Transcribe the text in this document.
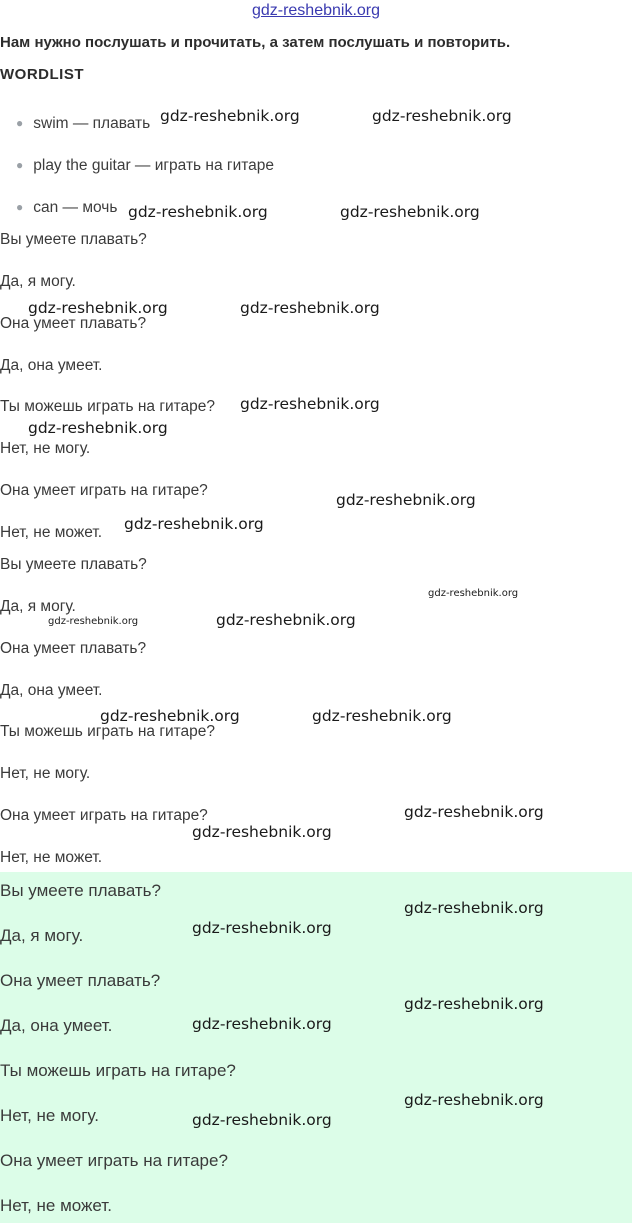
gdz-reshebnik.org
Нам нужно послушать и прочитать, а затем послушать и повторить.
WORDLIST
● swim — плавать
● play the guitar — играть на гитаре
● can — мочь
Вы умеете плавать?
Да, я могу.
Она умеет плавать?
Да, она умеет.
Ты можешь играть на гитаре?
Нет, не могу.
Она умеет играть на гитаре?
Нет, не может.
Вы умеете плавать?
Да, я могу.
Она умеет плавать?
Да, она умеет.
Ты можешь играть на гитаре?
Нет, не могу.
Она умеет играть на гитаре?
Нет, не может.
Вы умеете плавать?
Да, я могу.
Она умеет плавать?
Да, она умеет.
Ты можешь играть на гитаре?
Нет, не могу.
Она умеет играть на гитаре?
Нет, не может.
gdz-reshebnik.org	gdz-reshebnik.org
gdz-reshebnik.org	gdz-reshebnik.org
gdz-reshebnik.org	gdz-reshebnik.org
gdz-reshebnik.org
gdz-reshebnik.org
gdz-reshebnik.org
gdz-reshebnik.org
gdz-reshebnik.org
gdz-reshebnik.org	gdz-reshebnik.org
gdz-reshebnik.org	gdz-reshebnik.org
gdz-reshebnik.org
gdz-reshebnik.org
gdz-reshebnik.org
gdz-reshebnik.org
gdz-reshebnik.org
gdz-reshebnik.org
gdz-reshebnik.org
gdz-reshebnik.org
